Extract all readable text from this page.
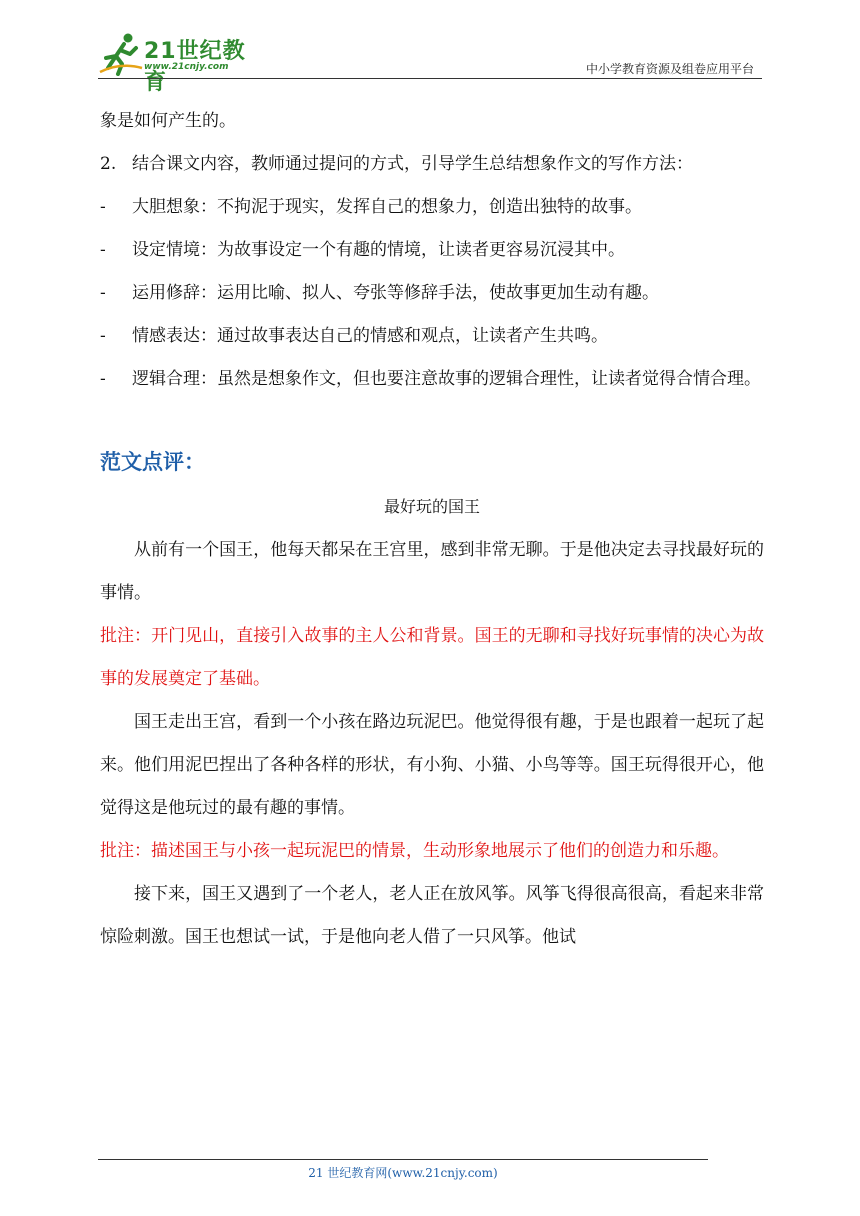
21世纪教育
www.21cnjy.com	中小学教育资源及组卷应用平台

象是如何产生的。

2. 结合课文内容，教师通过提问的方式，引导学生总结想象作文的写作方法：

- 大胆想象：不拘泥于现实，发挥自己的想象力，创造出独特的故事。

- 设定情境：为故事设定一个有趣的情境，让读者更容易沉浸其中。

- 运用修辞：运用比喻、拟人、夸张等修辞手法，使故事更加生动有趣。

- 情感表达：通过故事表达自己的情感和观点，让读者产生共鸣。

- 逻辑合理：虽然是想象作文，但也要注意故事的逻辑合理性，让读者觉得合情合理。

范文点评：

最好玩的国王

从前有一个国王，他每天都呆在王宫里，感到非常无聊。于是他决定去寻找最好玩的事情。

批注：开门见山，直接引入故事的主人公和背景。国王的无聊和寻找好玩事情的决心为故事的发展奠定了基础。

国王走出王宫，看到一个小孩在路边玩泥巴。他觉得很有趣，于是也跟着一起玩了起来。他们用泥巴捏出了各种各样的形状，有小狗、小猫、小鸟等等。国王玩得很开心，他觉得这是他玩过的最有趣的事情。

批注：描述国王与小孩一起玩泥巴的情景，生动形象地展示了他们的创造力和乐趣。

接下来，国王又遇到了一个老人，老人正在放风筝。风筝飞得很高很高，看起来非常惊险刺激。国王也想试一试，于是他向老人借了一只风筝。他试

21 世纪教育网(www.21cnjy.com)
